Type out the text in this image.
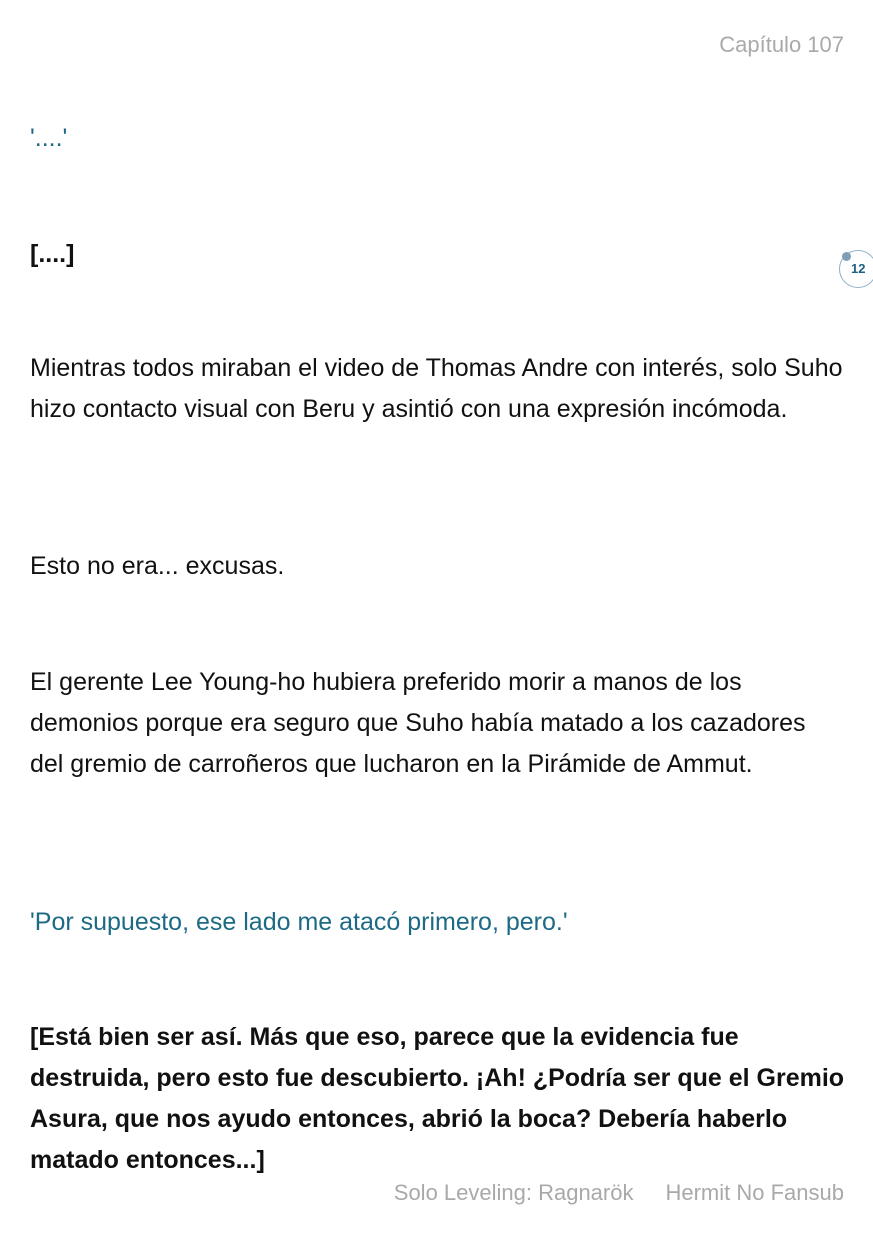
Capítulo 107

'....'

[....]

12

Mientras todos miraban el video de Thomas Andre con interés, solo Suho hizo contacto visual con Beru y asintió con una expresión incómoda.

Esto no era... excusas.

El gerente Lee Young-ho hubiera preferido morir a manos de los demonios porque era seguro que Suho había matado a los cazadores del gremio de carroñeros que lucharon en la Pirámide de Ammut.

'Por supuesto, ese lado me atacó primero, pero.'

[Está bien ser así. Más que eso, parece que la evidencia fue destruida, pero esto fue descubierto. ¡Ah! ¿Podría ser que el Gremio Asura, que nos ayudo entonces, abrió la boca? Debería haberlo matado entonces...]

Solo Leveling: Ragnarök Hermit No Fansub
